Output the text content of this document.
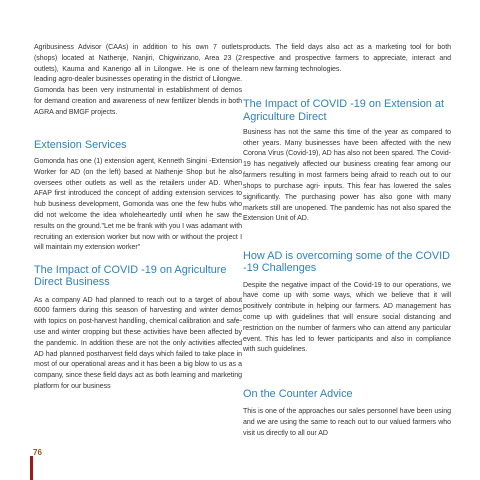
Agribusiness Advisor (CAAs) in addition to his own 7 outlets (shops) located at Nathenje, Nanjiri, Chigwirizano, Area 23 (2 outlets), Kauma and Kanengo all in Lilongwe. He is one of the leading agro-dealer businesses operating in the district of Lilongwe. Gomonda has been very instrumental in establishment of demos for demand creation and awareness of new fertilizer blends in both AGRA and BMGF projects.

Extension Services

Gomonda has one (1) extension agent, Kenneth Singini -Extension Worker for AD (on the left) based at Nathenje Shop but he also oversees other outlets as well as the retailers under AD. When AFAP first introduced the concept of adding extension services to hub business development, Gomonda was one the few hubs who did not welcome the idea wholeheartedly until when he saw the results on the ground."Let me be frank with you I was adamant with recruiting an extension worker but now with or without the project I will maintain my extension worker"

The Impact of COVID -19 on Agriculture Direct Business

As a company AD had planned to reach out to a target of about 6000 farmers during this season of harvesting and winter demos with topics on post-harvest handling, chemical calibration and safe-use and winter cropping but these activities have been affected by the pandemic. In addition these are not the only activities affected AD had planned postharvest field days which failed to take place in most of our operational areas and it has been a big blow to us as a company, since these field days act as both learning and marketing platform for our business

products. The field days also act as a marketing tool for both respective and prospective farmers to appreciate, interact and learn new farming technologies.

The Impact of COVID -19 on Extension at Agriculture Direct

Business has not the same this time of the year as compared to other years. Many businesses have been affected with the new Corona Virus (Covid-19), AD has also not been spared. The Covid-19 has negatively affected our business creating fear among our farmers resulting in most farmers being afraid to reach out to our shops to purchase agri- inputs. This fear has lowered the sales significantly. The purchasing power has also gone with many markets still are unopened. The pandemic has not also spared the Extension Unit of AD.

How AD is overcoming some of the COVID -19 Challenges

Despite the negative impact of the Covid-19 to our operations, we have come up with some ways, which we believe that it will positively contribute in helping our farmers. AD management has come up with guidelines that will ensure social distancing and restriction on the number of farmers who can attend any particular event. This has led to fewer participants and also in compliance with such guidelines.

On the Counter Advice

This is one of the approaches our sales personnel have been using and we are using the same to reach out to our valued farmers who visit us directly to all our AD

76
